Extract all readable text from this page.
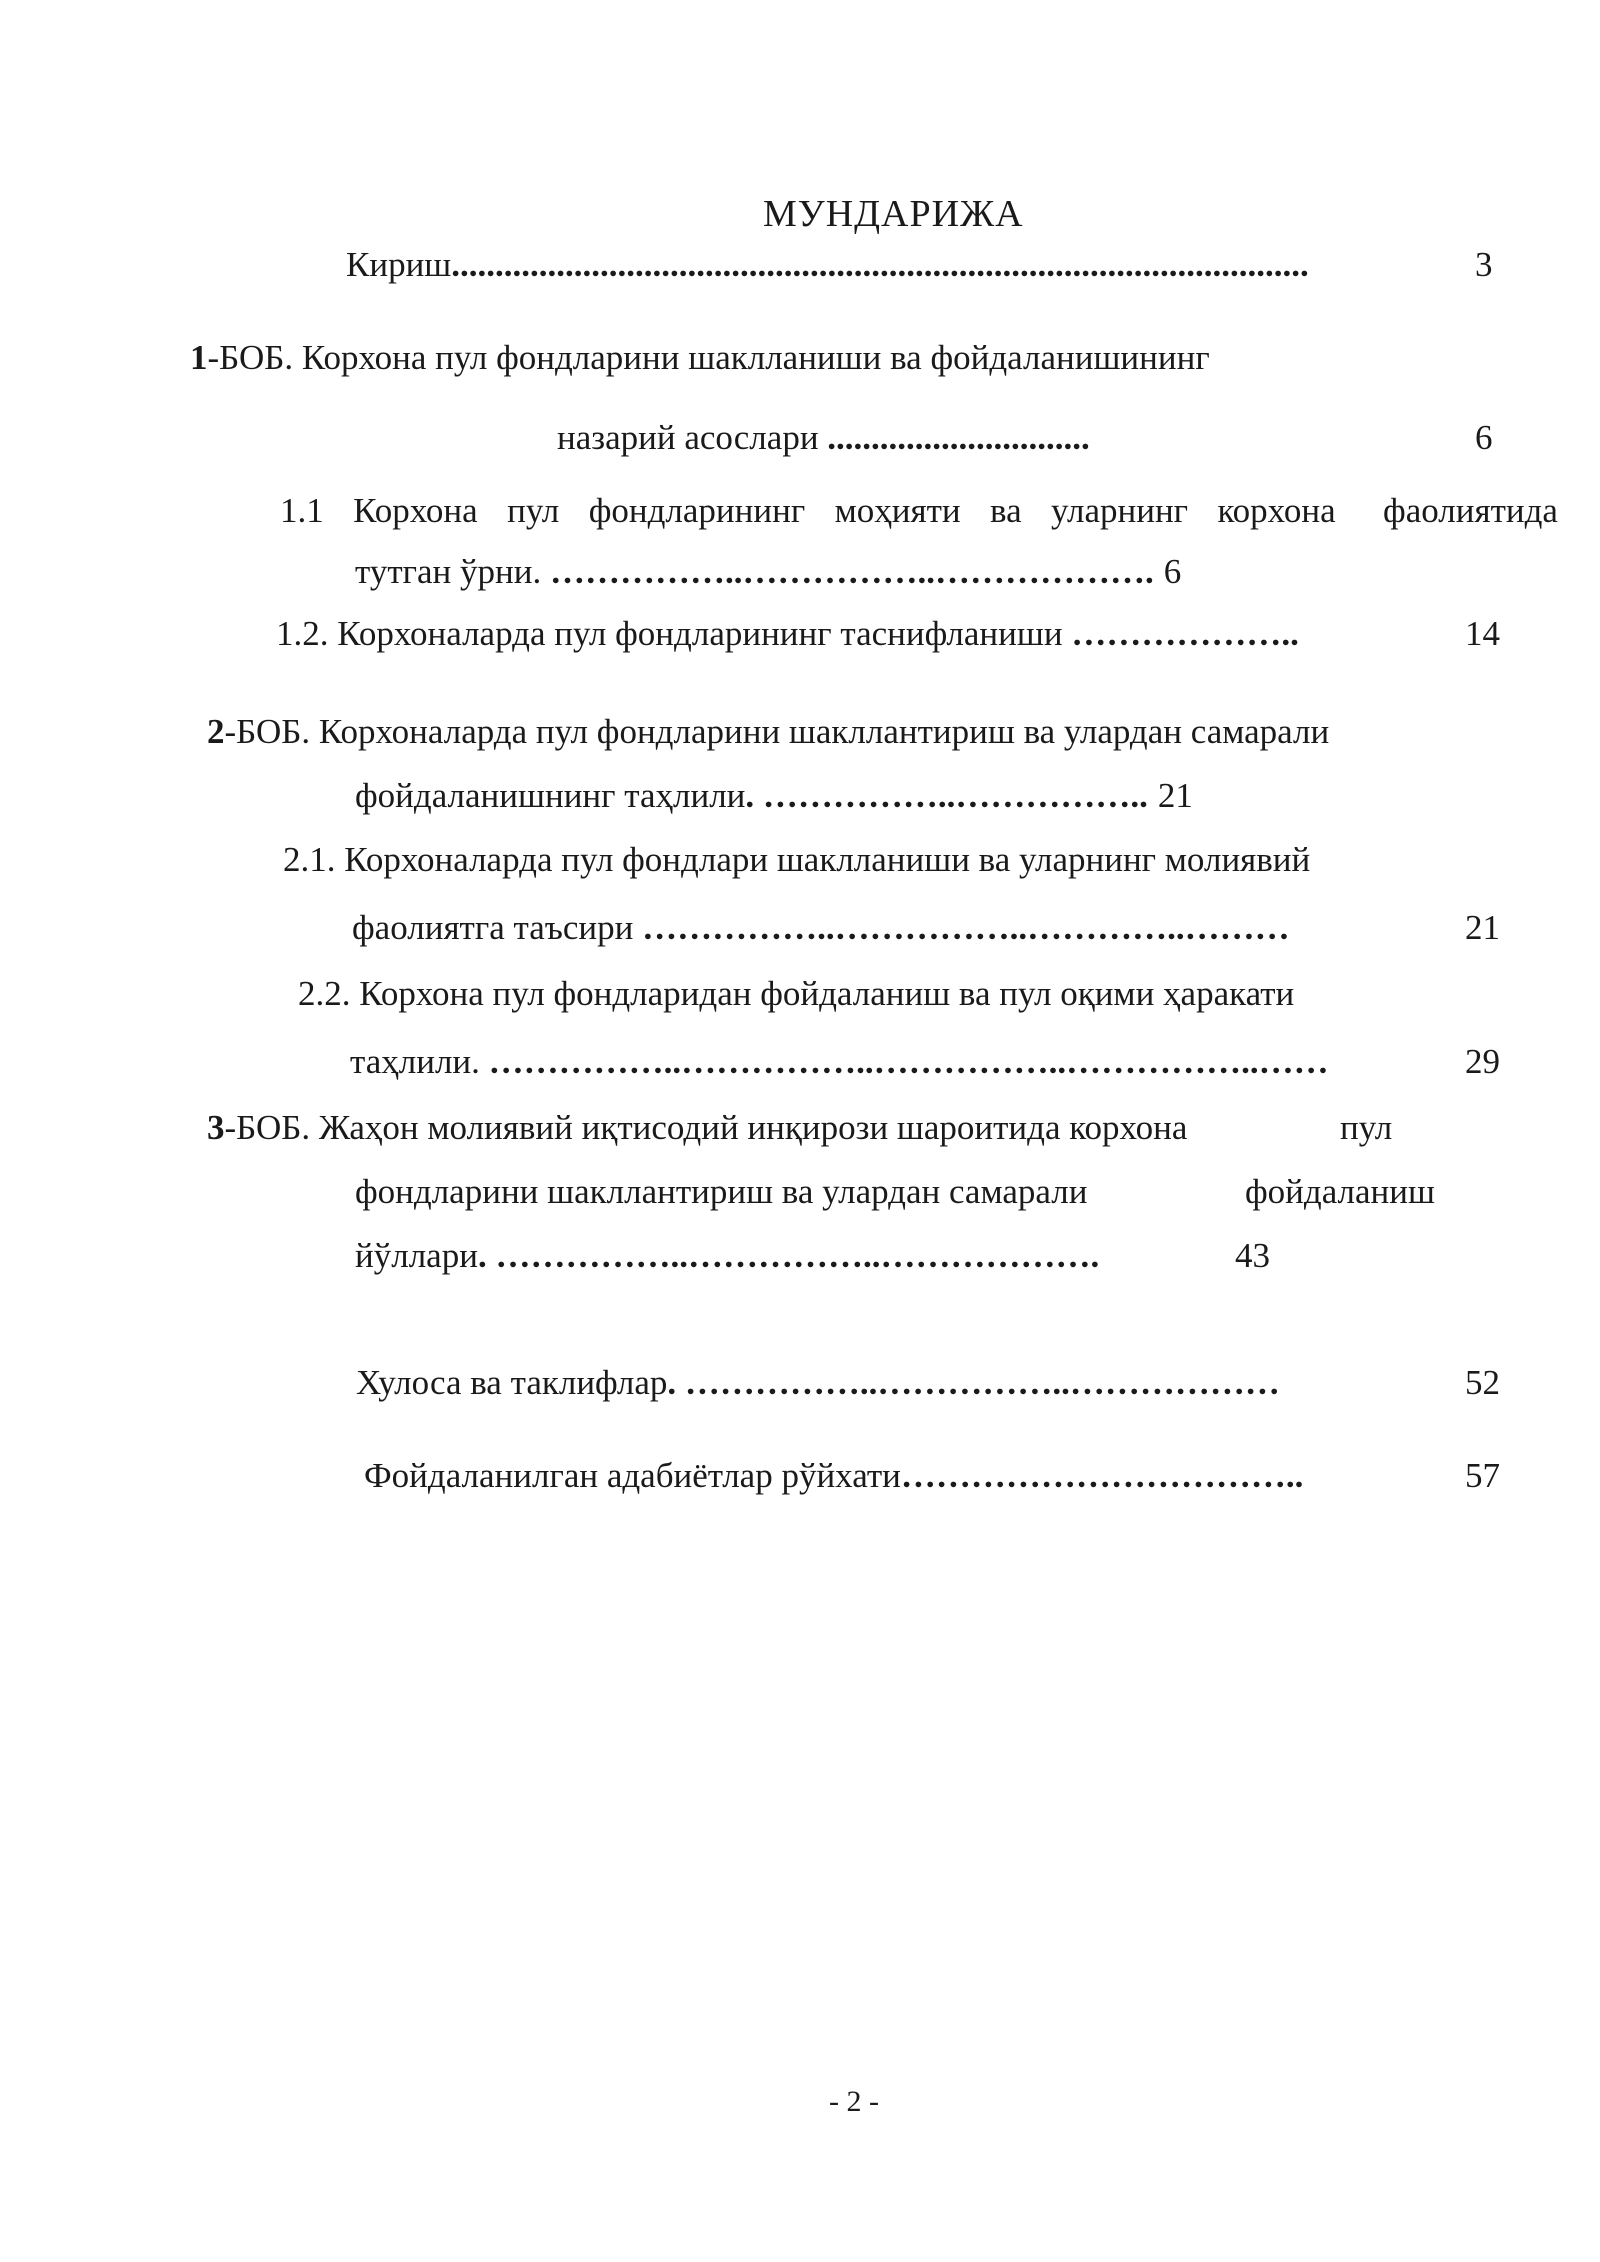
МУНДАРИЖА
Кириш..................................................................................................	3
1-БОБ. Корхона пул фондларини шаклланиши ва фойдаланишининг
назарий асослари ..............................	6
1.1 Корхона пул фондларининг моҳияти ва уларнинг корхона фаолиятида
тутган ўрни. ……………..……………..………………. 6
1.2. Корхоналарда пул фондларининг таснифланиши ………………..	14
2-БОБ. Корхоналарда пул фондларини шакллантириш ва улардан самарали
фойдаланишнинг таҳлили. ……………..…………….. 21
2.1. Корхоналарда пул фондлари шаклланиши ва уларнинг молиявий
фаолиятга таъсири ……………..……………..…………..………	21
2.2. Корхона пул фондларидан фойдаланиш ва пул оқими ҳаракати
таҳлили. ……………..……………..……………..……………..……	29
3-БОБ. Жаҳон молиявий иқтисодий инқирози шароитида корхона	пул
фондларини шакллантириш ва улардан самарали	фойдаланиш
йўллари. ……………..……………..……………….	43
Хулоса ва таклифлар. ……………..……………..………………	52
Фойдаланилган адабиётлар рўйхати……………………………..	57
- 2 -
